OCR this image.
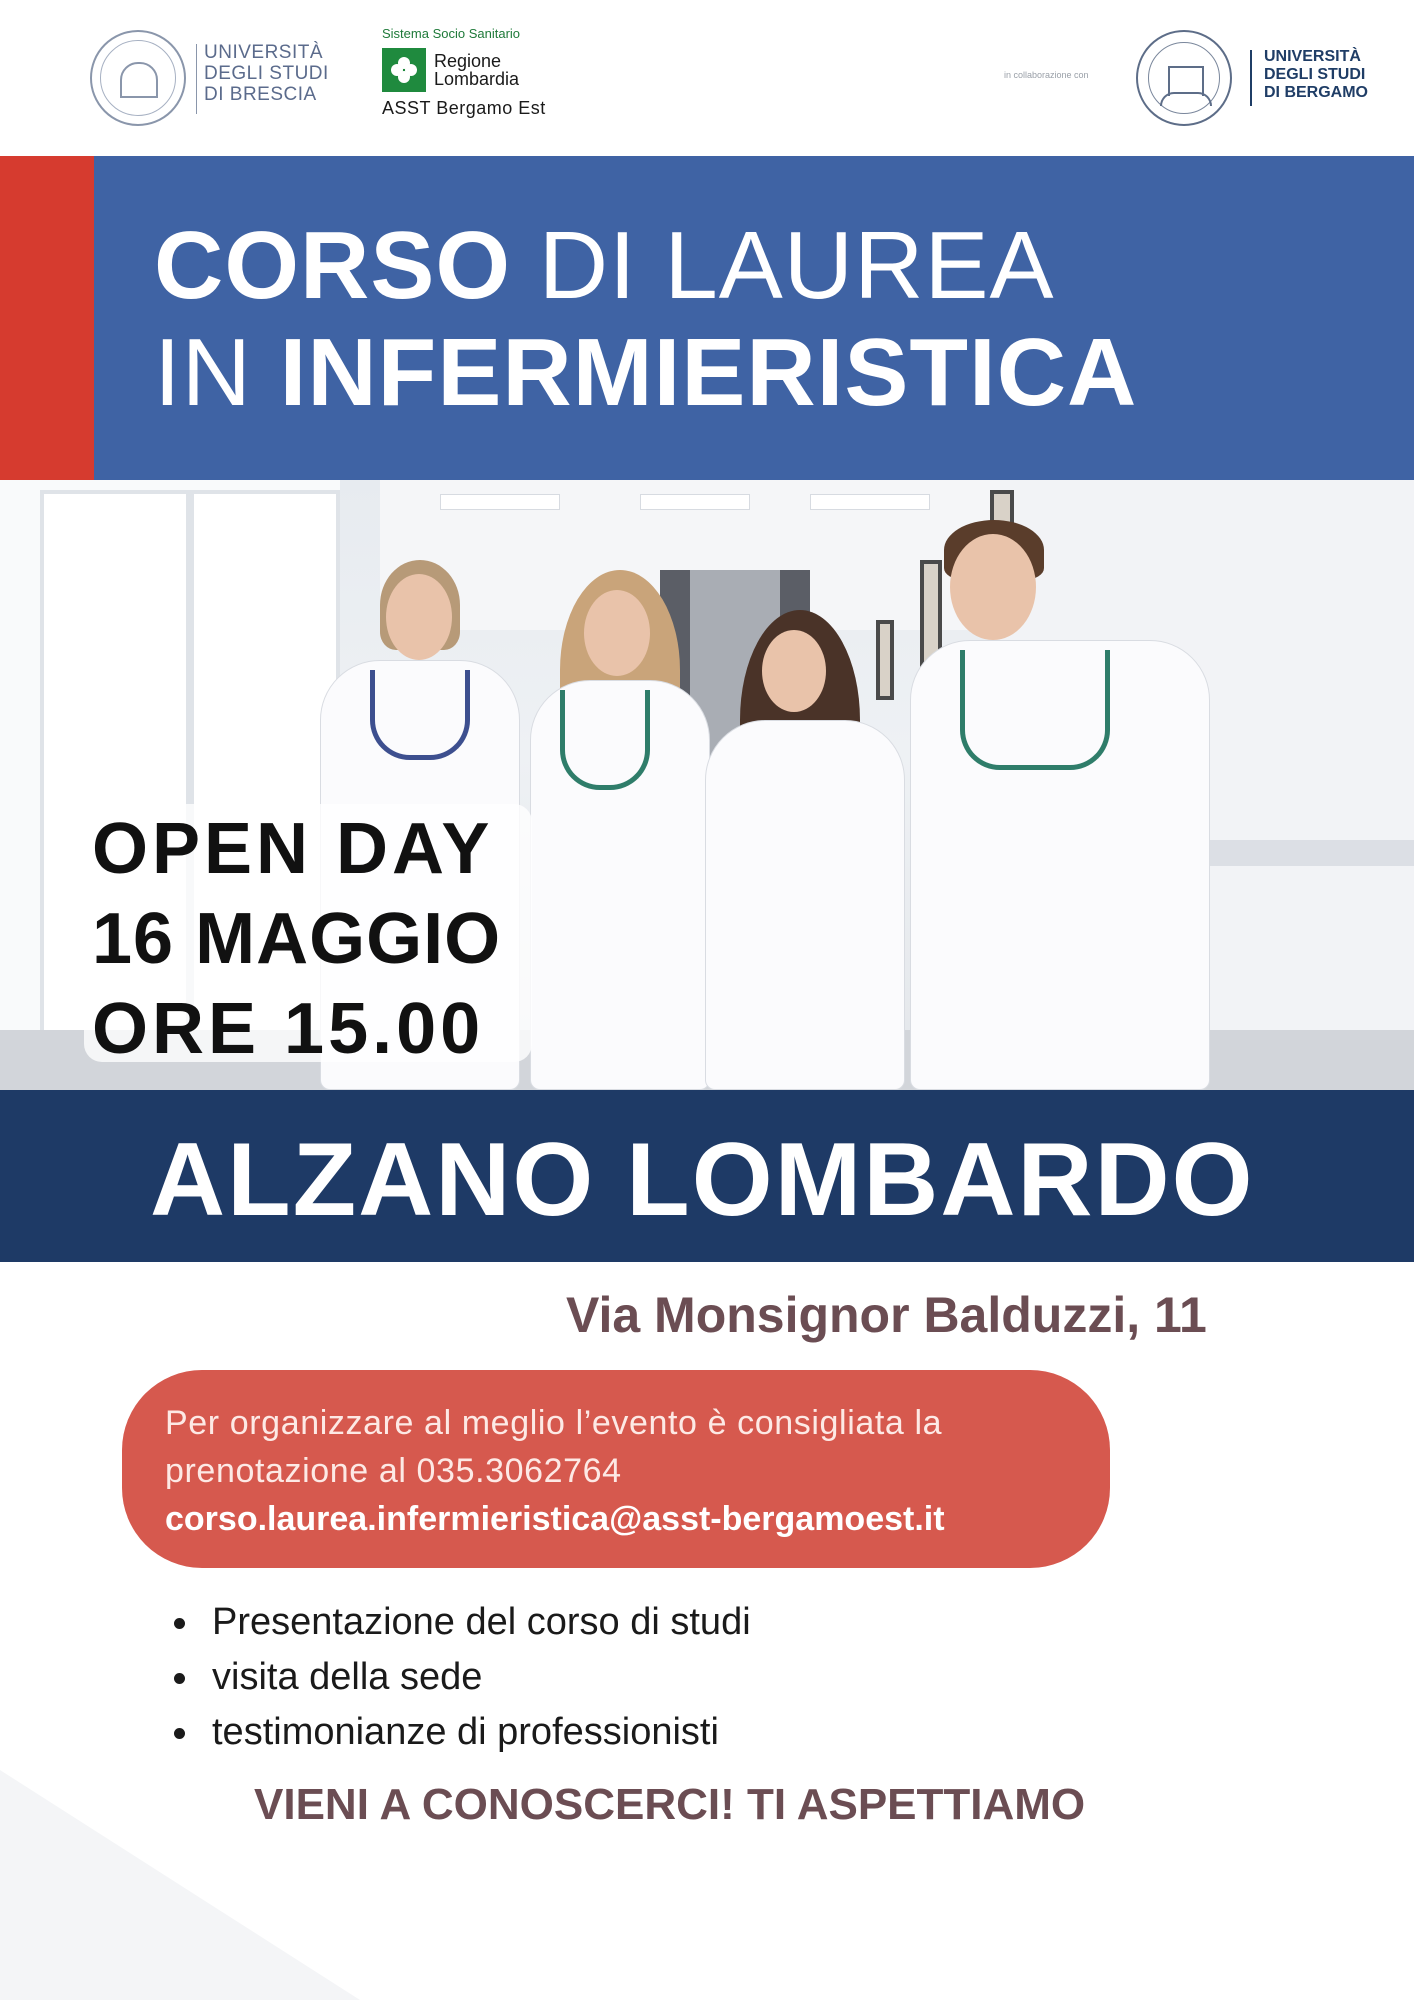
UNIVERSITÀ
DEGLI STUDI
DI BRESCIA
Sistema Socio Sanitario
Regione
Lombardia
ASST Bergamo Est
in collaborazione con
UNIVERSITÀ
DEGLI STUDI
DI BERGAMO
CORSO DI LAUREA
IN INFERMIERISTICA
OPEN DAY
16 MAGGIO
ORE 15.00
ALZANO LOMBARDO
Via Monsignor Balduzzi, 11
Per organizzare al meglio l’evento è consigliata la
prenotazione al 035.3062764
corso.laurea.infermieristica@asst-bergamoest.it
Presentazione del corso di studi
visita della sede
testimonianze di professionisti
VIENI A CONOSCERCI! TI ASPETTIAMO
